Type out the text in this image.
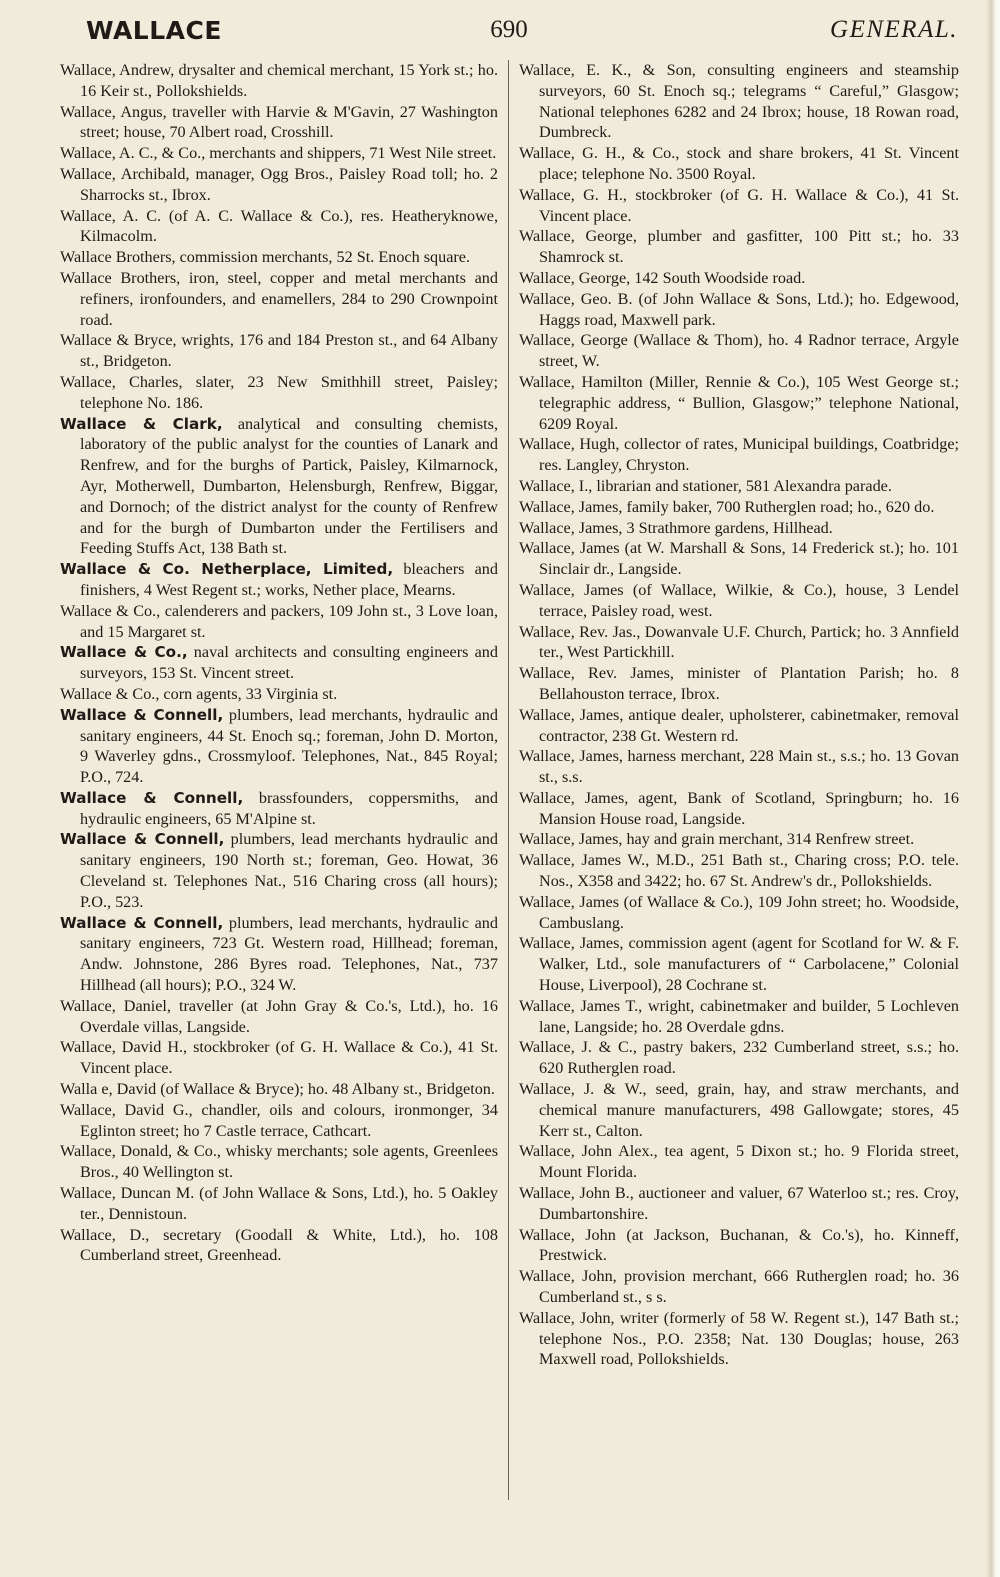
WALLACE	690	GENERAL.

Wallace, Andrew, drysalter and chemical merchant, 15 York st.; ho. 16 Keir st., Pollokshields.

Wallace, Angus, traveller with Harvie & M'Gavin, 27 Washington street; house, 70 Albert road, Crosshill.

Wallace, A. C., & Co., merchants and shippers, 71 West Nile street.

Wallace, Archibald, manager, Ogg Bros., Paisley Road toll; ho. 2 Sharrocks st., Ibrox.

Wallace, A. C. (of A. C. Wallace & Co.), res. Heatheryknowe, Kilmacolm.

Wallace Brothers, commission merchants, 52 St. Enoch square.

Wallace Brothers, iron, steel, copper and metal merchants and refiners, ironfounders, and enamellers, 284 to 290 Crownpoint road.

Wallace & Bryce, wrights, 176 and 184 Preston st., and 64 Albany st., Bridgeton.

Wallace, Charles, slater, 23 New Smithhill street, Paisley; telephone No. 186.

Wallace & Clark, analytical and consulting chemists, laboratory of the public analyst for the counties of Lanark and Renfrew, and for the burghs of Partick, Paisley, Kilmarnock, Ayr, Motherwell, Dumbarton, Helensburgh, Renfrew, Biggar, and Dornoch; of the district analyst for the county of Renfrew and for the burgh of Dumbarton under the Fertilisers and Feeding Stuffs Act, 138 Bath st.

Wallace & Co. Netherplace, Limited, bleachers and finishers, 4 West Regent st.; works, Nether place, Mearns.

Wallace & Co., calenderers and packers, 109 John st., 3 Love loan, and 15 Margaret st.

Wallace & Co., naval architects and consulting engineers and surveyors, 153 St. Vincent street.

Wallace & Co., corn agents, 33 Virginia st.

Wallace & Connell, plumbers, lead merchants, hydraulic and sanitary engineers, 44 St. Enoch sq.; foreman, John D. Morton, 9 Waverley gdns., Crossmyloof. Telephones, Nat., 845 Royal; P.O., 724.

Wallace & Connell, brassfounders, coppersmiths, and hydraulic engineers, 65 M'Alpine st.

Wallace & Connell, plumbers, lead merchants hydraulic and sanitary engineers, 190 North st.; foreman, Geo. Howat, 36 Cleveland st. Telephones Nat., 516 Charing cross (all hours); P.O., 523.

Wallace & Connell, plumbers, lead merchants, hydraulic and sanitary engineers, 723 Gt. Western road, Hillhead; foreman, Andw. Johnstone, 286 Byres road. Telephones, Nat., 737 Hillhead (all hours); P.O., 324 W.

Wallace, Daniel, traveller (at John Gray & Co.'s, Ltd.), ho. 16 Overdale villas, Langside.

Wallace, David H., stockbroker (of G. H. Wallace & Co.), 41 St. Vincent place.

Walla e, David (of Wallace & Bryce); ho. 48 Albany st., Bridgeton.

Wallace, David G., chandler, oils and colours, ironmonger, 34 Eglinton street; ho 7 Castle terrace, Cathcart.

Wallace, Donald, & Co., whisky merchants; sole agents, Greenlees Bros., 40 Wellington st.

Wallace, Duncan M. (of John Wallace & Sons, Ltd.), ho. 5 Oakley ter., Dennistoun.

Wallace, D., secretary (Goodall & White, Ltd.), ho. 108 Cumberland street, Greenhead.

Wallace, E. K., & Son, consulting engineers and steamship surveyors, 60 St. Enoch sq.; telegrams “ Careful,” Glasgow; National telephones 6282 and 24 Ibrox; house, 18 Rowan road, Dumbreck.

Wallace, G. H., & Co., stock and share brokers, 41 St. Vincent place; telephone No. 3500 Royal.

Wallace, G. H., stockbroker (of G. H. Wallace & Co.), 41 St. Vincent place.

Wallace, George, plumber and gasfitter, 100 Pitt st.; ho. 33 Shamrock st.

Wallace, George, 142 South Woodside road.

Wallace, Geo. B. (of John Wallace & Sons, Ltd.); ho. Edgewood, Haggs road, Maxwell park.

Wallace, George (Wallace & Thom), ho. 4 Radnor terrace, Argyle street, W.

Wallace, Hamilton (Miller, Rennie & Co.), 105 West George st.; telegraphic address, “ Bullion, Glasgow;” telephone National, 6209 Royal.

Wallace, Hugh, collector of rates, Municipal buildings, Coatbridge; res. Langley, Chryston.

Wallace, I., librarian and stationer, 581 Alexandra parade.

Wallace, James, family baker, 700 Rutherglen road; ho., 620 do.

Wallace, James, 3 Strathmore gardens, Hillhead.

Wallace, James (at W. Marshall & Sons, 14 Frederick st.); ho. 101 Sinclair dr., Langside.

Wallace, James (of Wallace, Wilkie, & Co.), house, 3 Lendel terrace, Paisley road, west.

Wallace, Rev. Jas., Dowanvale U.F. Church, Partick; ho. 3 Annfield ter., West Partickhill.

Wallace, Rev. James, minister of Plantation Parish; ho. 8 Bellahouston terrace, Ibrox.

Wallace, James, antique dealer, upholsterer, cabinetmaker, removal contractor, 238 Gt. Western rd.

Wallace, James, harness merchant, 228 Main st., s.s.; ho. 13 Govan st., s.s.

Wallace, James, agent, Bank of Scotland, Springburn; ho. 16 Mansion House road, Langside.

Wallace, James, hay and grain merchant, 314 Renfrew street.

Wallace, James W., M.D., 251 Bath st., Charing cross; P.O. tele. Nos., X358 and 3422; ho. 67 St. Andrew's dr., Pollokshields.

Wallace, James (of Wallace & Co.), 109 John street; ho. Woodside, Cambuslang.

Wallace, James, commission agent (agent for Scotland for W. & F. Walker, Ltd., sole manufacturers of “ Carbolacene,” Colonial House, Liverpool), 28 Cochrane st.

Wallace, James T., wright, cabinetmaker and builder, 5 Lochleven lane, Langside; ho. 28 Overdale gdns.

Wallace, J. & C., pastry bakers, 232 Cumberland street, s.s.; ho. 620 Rutherglen road.

Wallace, J. & W., seed, grain, hay, and straw merchants, and chemical manure manufacturers, 498 Gallowgate; stores, 45 Kerr st., Calton.

Wallace, John Alex., tea agent, 5 Dixon st.; ho. 9 Florida street, Mount Florida.

Wallace, John B., auctioneer and valuer, 67 Waterloo st.; res. Croy, Dumbartonshire.

Wallace, John (at Jackson, Buchanan, & Co.'s), ho. Kinneff, Prestwick.

Wallace, John, provision merchant, 666 Rutherglen road; ho. 36 Cumberland st., s s.

Wallace, John, writer (formerly of 58 W. Regent st.), 147 Bath st.; telephone Nos., P.O. 2358; Nat. 130 Douglas; house, 263 Maxwell road, Pollokshields.
